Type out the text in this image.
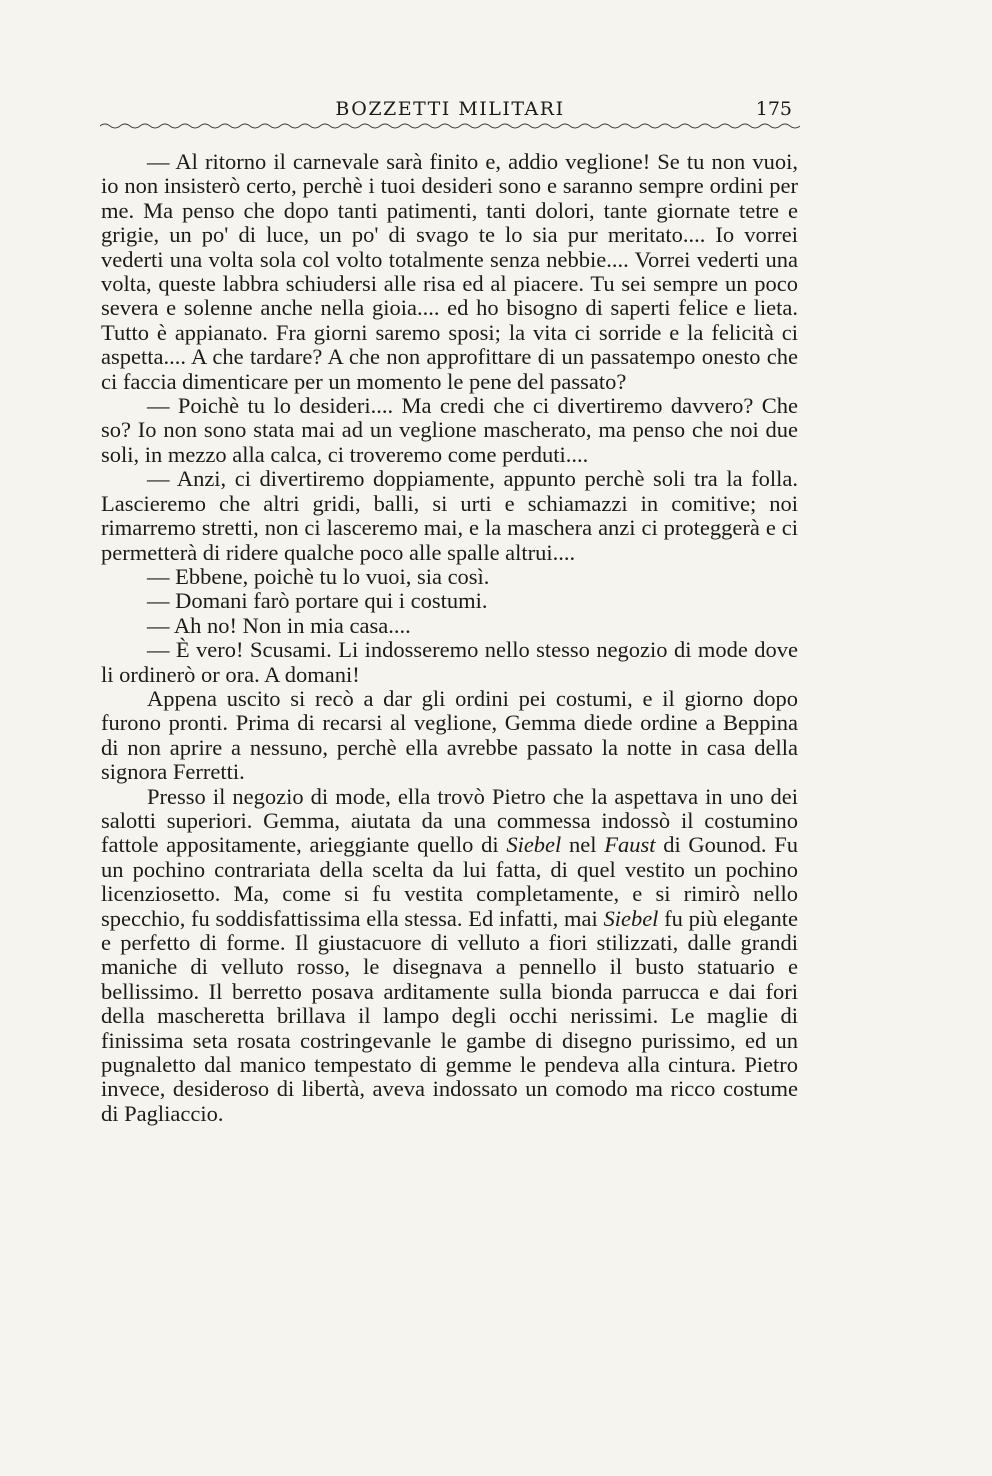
BOZZETTI MILITARI	175

— Al ritorno il carnevale sarà finito e, addio veglione! Se tu non vuoi, io non insisterò certo, perchè i tuoi desideri sono e saranno sempre ordini per me. Ma penso che dopo tanti patimenti, tanti dolori, tante giornate tetre e grigie, un po' di luce, un po' di svago te lo sia pur meritato.... Io vorrei vederti una volta sola col volto totalmente senza nebbie.... Vorrei vederti una volta, queste labbra schiudersi alle risa ed al piacere. Tu sei sempre un poco severa e solenne anche nella gioia.... ed ho bisogno di saperti felice e lieta. Tutto è appianato. Fra giorni saremo sposi; la vita ci sorride e la felicità ci aspetta.... A che tardare? A che non approfittare di un passatempo onesto che ci faccia dimenticare per un momento le pene del passato?

— Poichè tu lo desideri.... Ma credi che ci divertiremo davvero? Che so? Io non sono stata mai ad un veglione mascherato, ma penso che noi due soli, in mezzo alla calca, ci troveremo come perduti....

— Anzi, ci divertiremo doppiamente, appunto perchè soli tra la folla. Lascieremo che altri gridi, balli, si urti e schiamazzi in comitive; noi rimarremo stretti, non ci lasceremo mai, e la maschera anzi ci proteggerà e ci permetterà di ridere qualche poco alle spalle altrui....

— Ebbene, poichè tu lo vuoi, sia così.

— Domani farò portare qui i costumi.

— Ah no! Non in mia casa....

— È vero! Scusami. Li indosseremo nello stesso negozio di mode dove li ordinerò or ora. A domani!

Appena uscito si recò a dar gli ordini pei costumi, e il giorno dopo furono pronti. Prima di recarsi al veglione, Gemma diede ordine a Beppina di non aprire a nessuno, perchè ella avrebbe passato la notte in casa della signora Ferretti.

Presso il negozio di mode, ella trovò Pietro che la aspettava in uno dei salotti superiori. Gemma, aiutata da una commessa indossò il costumino fattole appositamente, arieggiante quello di Siebel nel Faust di Gounod. Fu un pochino contrariata della scelta da lui fatta, di quel vestito un pochino licenziosetto. Ma, come si fu vestita completamente, e si rimirò nello specchio, fu soddisfattissima ella stessa. Ed infatti, mai Siebel fu più elegante e perfetto di forme. Il giustacuore di velluto a fiori stilizzati, dalle grandi maniche di velluto rosso, le disegnava a pennello il busto statuario e bellissimo. Il berretto posava arditamente sulla bionda parrucca e dai fori della mascheretta brillava il lampo degli occhi nerissimi. Le maglie di finissima seta rosata costringevanle le gambe di disegno purissimo, ed un pugnaletto dal manico tempestato di gemme le pendeva alla cintura. Pietro invece, desideroso di libertà, aveva indossato un comodo ma ricco costume di Pagliaccio.
